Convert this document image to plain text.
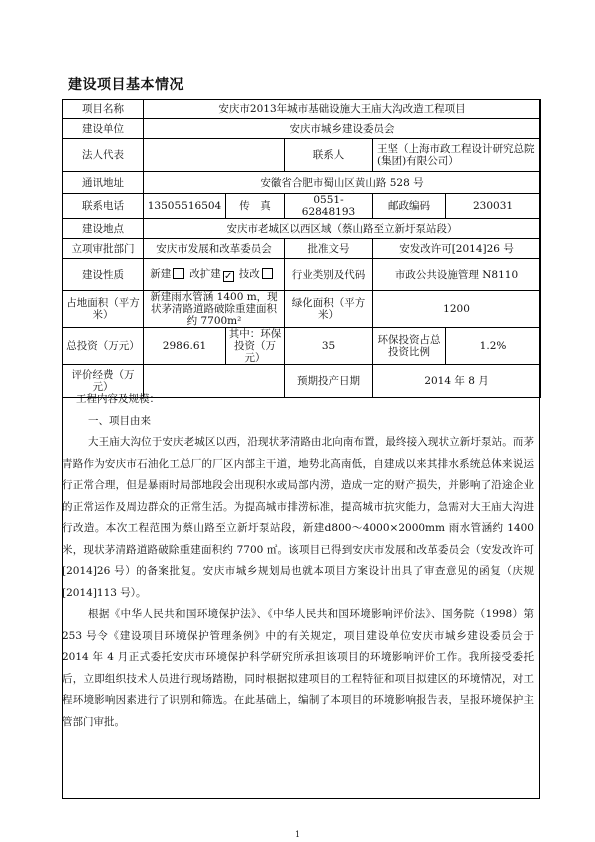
建设项目基本情况
项目名称	安庆市2013年城市基础设施大王庙大沟改造工程项目				
建设单位	安庆市城乡建设委员会				
法人代表			联系人	王坚（上海市政工程设计研究总院(集团)有限公司）	
通讯地址	安徽省合肥市蜀山区黄山路 528 号				
联系电话	13505516504	传　真	0551-62848193	邮政编码	230031
建设地点	安庆市老城区以西区域（蔡山路至立新圩泵站段）				
立项审批部门	安庆市发展和改革委员会		批准文号	安发改许可[2014]26 号	
建设性质	新建 改扩建 ✓ 技改		行业类别及代码	市政公共设施管理 N8110	
占地面积（平方米）	新建雨水管涵 1400 m，现状茅清路道路破除重建面积约 7700m²		绿化面积（平方米）	1200	
总投资（万元）	2986.61	其中：环保投资（万元）	35	环保投资占总投资比例	1.2%
评价经费（万元）			预期投产日期	2014 年 8 月	

工程内容及规模：

一、项目由来

大王庙大沟位于安庆老城区以西，沿现状茅清路由北向南布置，最终接入现状立新圩泵站。而茅青路作为安庆市石油化工总厂的厂区内部主干道，地势北高南低，自建成以来其排水系统总体来说运行正常合理，但是暴雨时局部地段会出现积水或局部内涝，造成一定的财产损失，并影响了沿途企业的正常运作及周边群众的正常生活。为提高城市排涝标准，提高城市抗灾能力，急需对大王庙大沟进行改造。本次工程范围为蔡山路至立新圩泵站段，新建d800～4000×2000mm 雨水管涵约 1400 米，现状茅清路道路破除重建面积约 7700 ㎡。该项目已得到安庆市发展和改革委员会（安发改许可[2014]26 号）的备案批复。安庆市城乡规划局也就本项目方案设计出具了审查意见的函复（庆规[2014]113 号）。

根据《中华人民共和国环境保护法》、《中华人民共和国环境影响评价法》、国务院（1998）第 253 号令《建设项目环境保护管理条例》中的有关规定，项目建设单位安庆市城乡建设委员会于 2014 年 4 月正式委托安庆市环境保护科学研究所承担该项目的环境影响评价工作。我所接受委托后，立即组织技术人员进行现场踏勘，同时根据拟建项目的工程特征和项目拟建区的环境情况，对工程环境影响因素进行了识别和筛选。在此基础上，编制了本项目的环境影响报告表，呈报环境保护主管部门审批。

1
